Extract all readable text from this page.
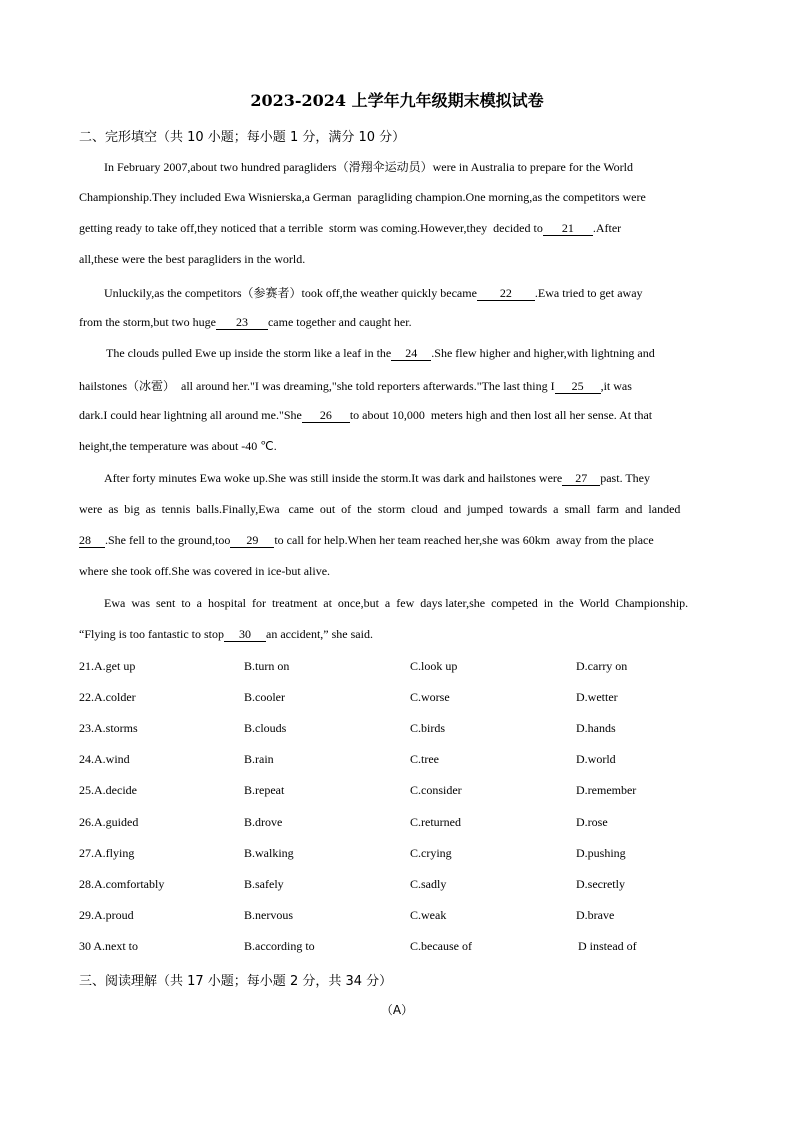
2023-2024 上学年九年级期末模拟试卷
二、完形填空（共 10 小题；每小题 1 分，满分 10 分）
In February 2007,about two hundred paragliders（滑翔伞运动员）were in Australia to prepare for the World
Championship.They included Ewa Wisnierska,a German  paragliding champion.One morning,as the competitors were
getting ready to take off,they noticed that a terrible  storm was coming.However,they  decided to 21 .After
all,these were the best paragliders in the world.
Unluckily,as the competitors（参赛者）took off,the weather quickly became 22 .Ewa tried to get away
from the storm,but two huge 23 came together and caught her.
The clouds pulled Ewe up inside the storm like a leaf in the 24 .She flew higher and higher,with lightning and
hailstones（冰雹）  all around her."I was dreaming,"she told reporters afterwards."The last thing I 25 ,it was
dark.I could hear lightning all around me."She 26 to about 10,000  meters high and then lost all her sense. At that
height,the temperature was about -40 ℃.
After forty minutes Ewa woke up.She was still inside the storm.It was dark and hailstones were 27 past. They
were  as  big  as  tennis  balls.Finally,Ewa   came  out  of  the  storm  cloud  and  jumped  towards  a  small  farm  and  landed
28 .She fell to the ground,too 29 to call for help.When her team reached her,she was 60km  away from the place
where she took off.She was covered in ice-but alive.
Ewa  was  sent  to  a  hospital  for  treatment  at  once,but  a  few  days later,she  competed  in  the  World  Championship.
“Flying is too fantastic to stop 30 an accident,” she said.
21.A.get up	B.turn on	C.look up	D.carry on
22.A.colder	B.cooler	C.worse	D.wetter
23.A.storms	B.clouds	C.birds	D.hands
24.A.wind	B.rain	C.tree	D.world
25.A.decide	B.repeat	C.consider	D.remember
26.A.guided	B.drove	C.returned	D.rose
27.A.flying	B.walking	C.crying	D.pushing
28.A.comfortably	B.safely	C.sadly	D.secretly
29.A.proud	B.nervous	C.weak	D.brave
30 A.next to	B.according to	C.because of	D instead of
三、阅读理解（共 17 小题；每小题 2 分，共 34 分）
（A）
